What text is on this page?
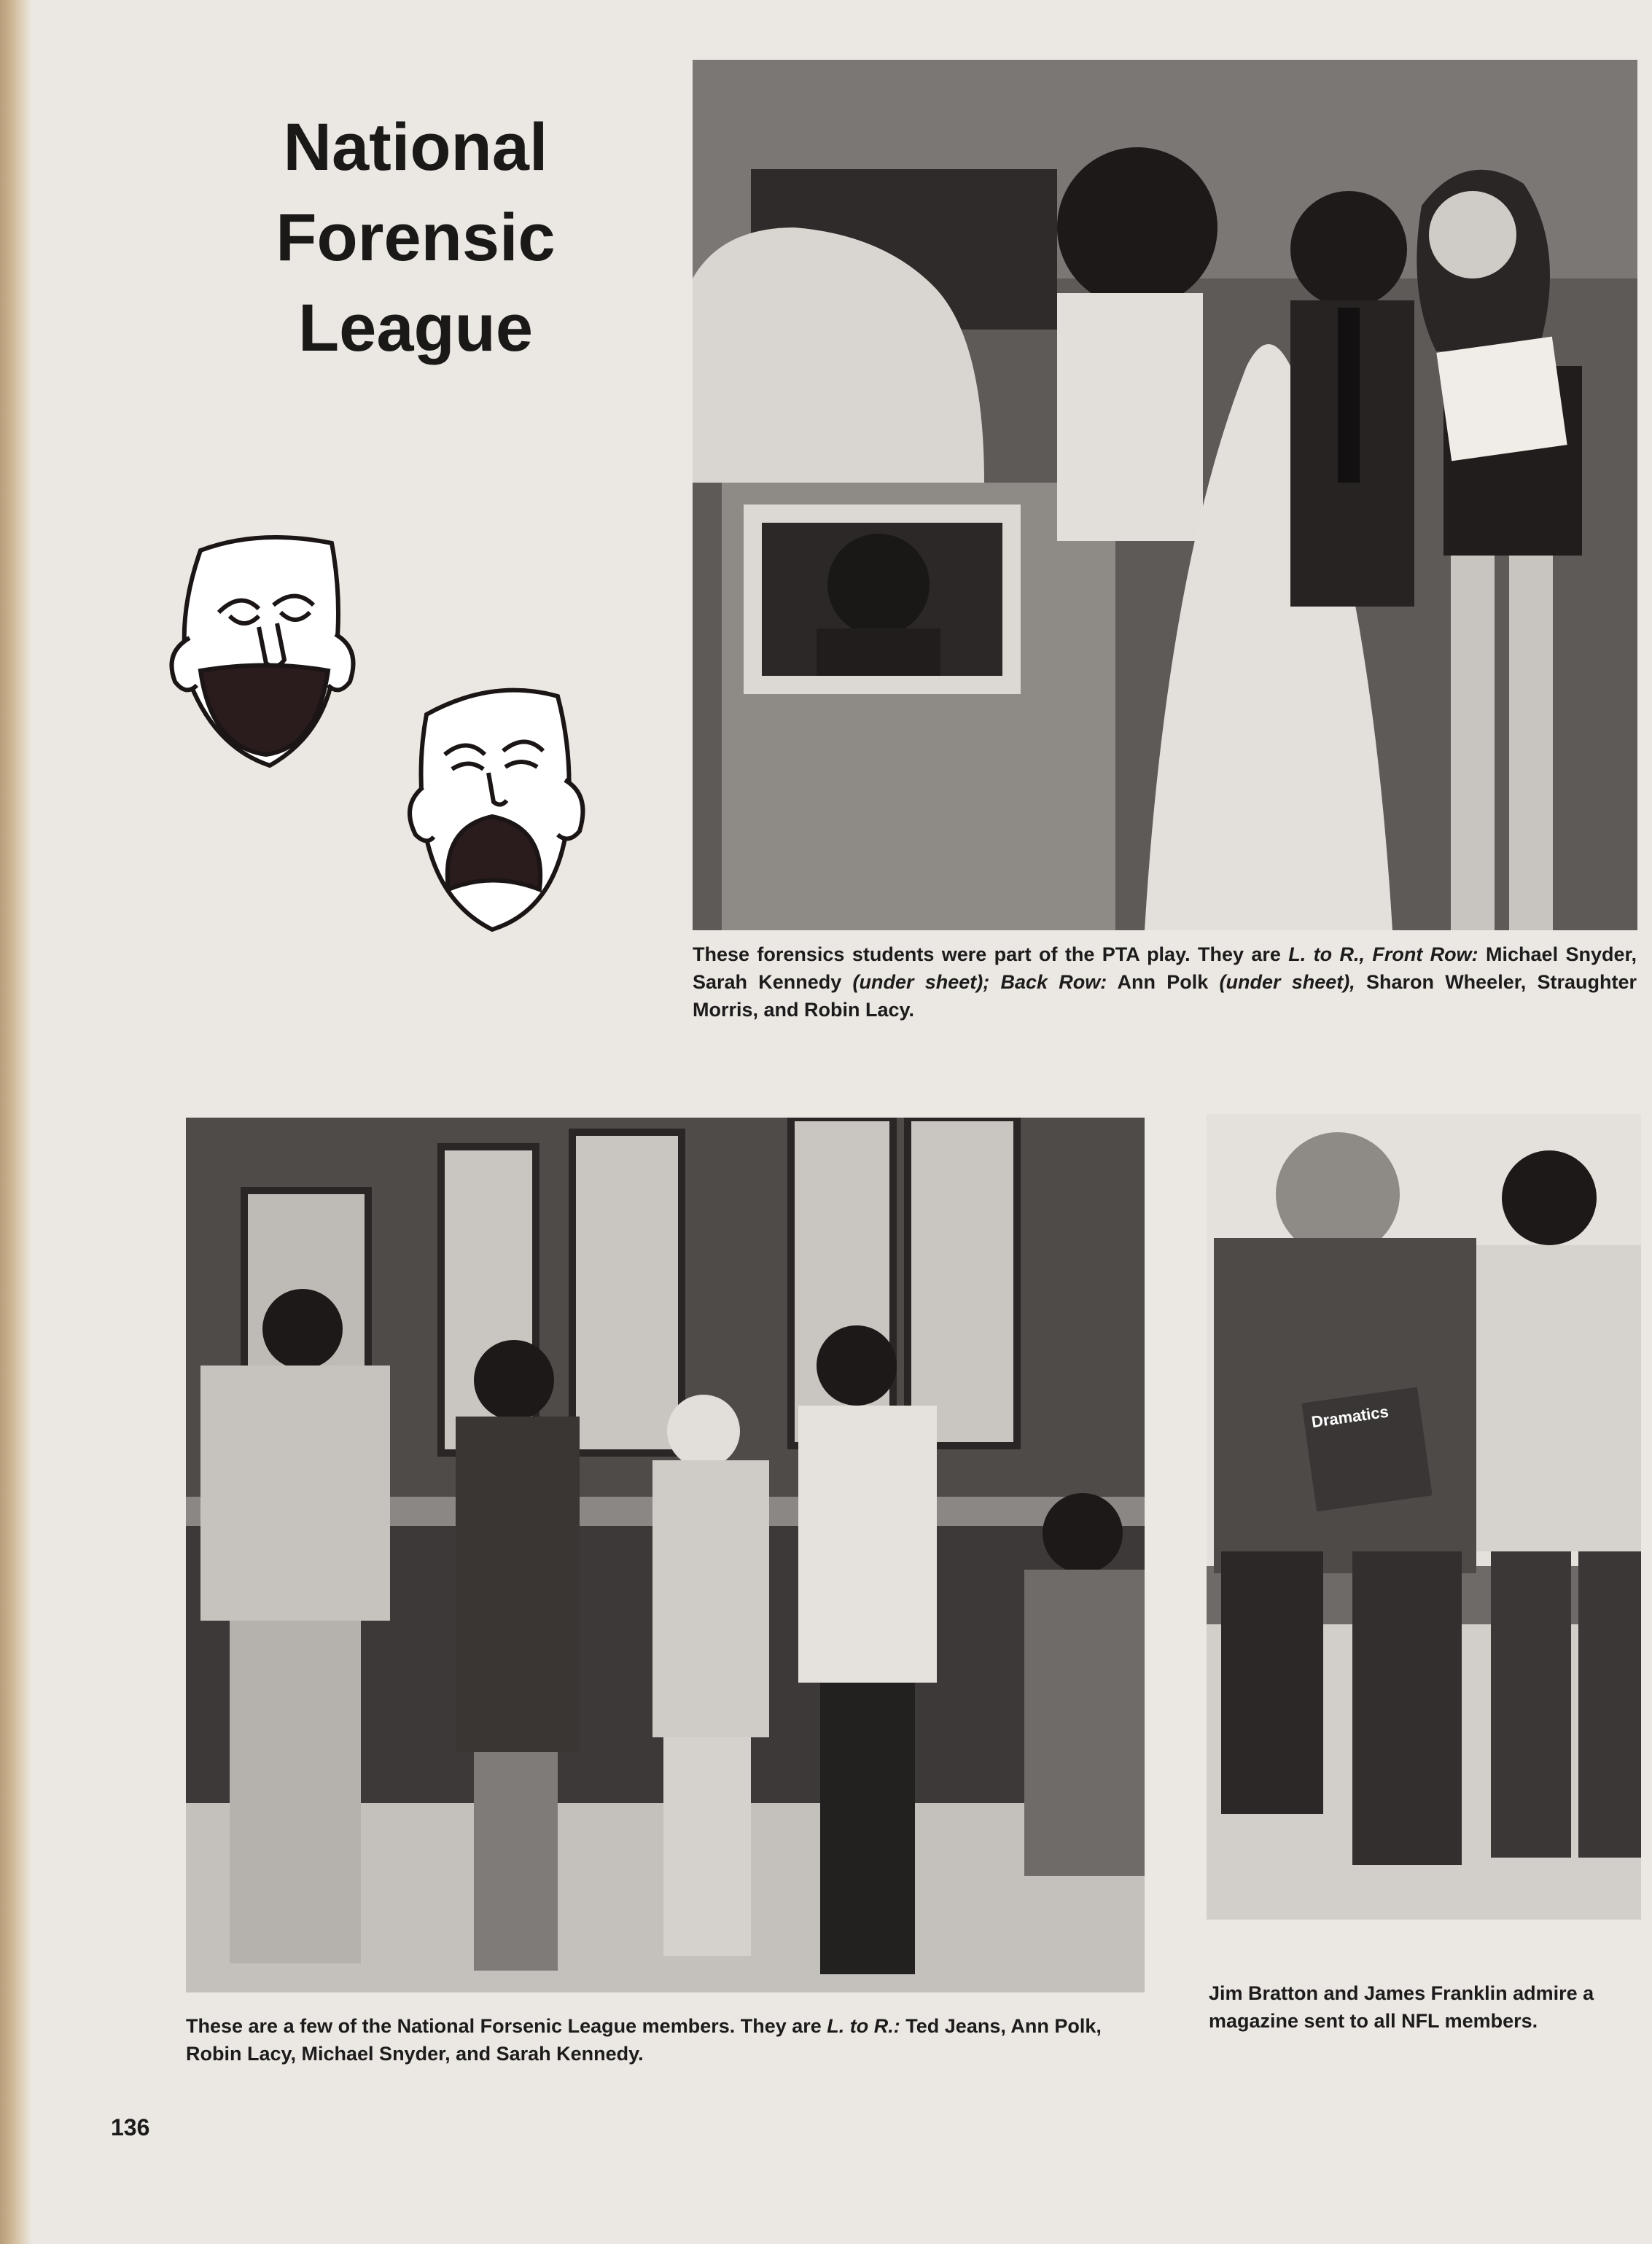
National
Forensic
League
These forensics students were part of the PTA play. They are L. to R., Front Row: Michael Snyder, Sarah Kennedy (under sheet); Back Row: Ann Polk (under sheet), Sharon Wheeler, Straughter Morris, and Robin Lacy.
These are a few of the National Forsenic League members. They are L. to R.: Ted Jeans, Ann Polk, Robin Lacy, Michael Snyder, and Sarah Kennedy.
Dramatics
Jim Bratton and James Franklin admire a magazine sent to all NFL members.
136
